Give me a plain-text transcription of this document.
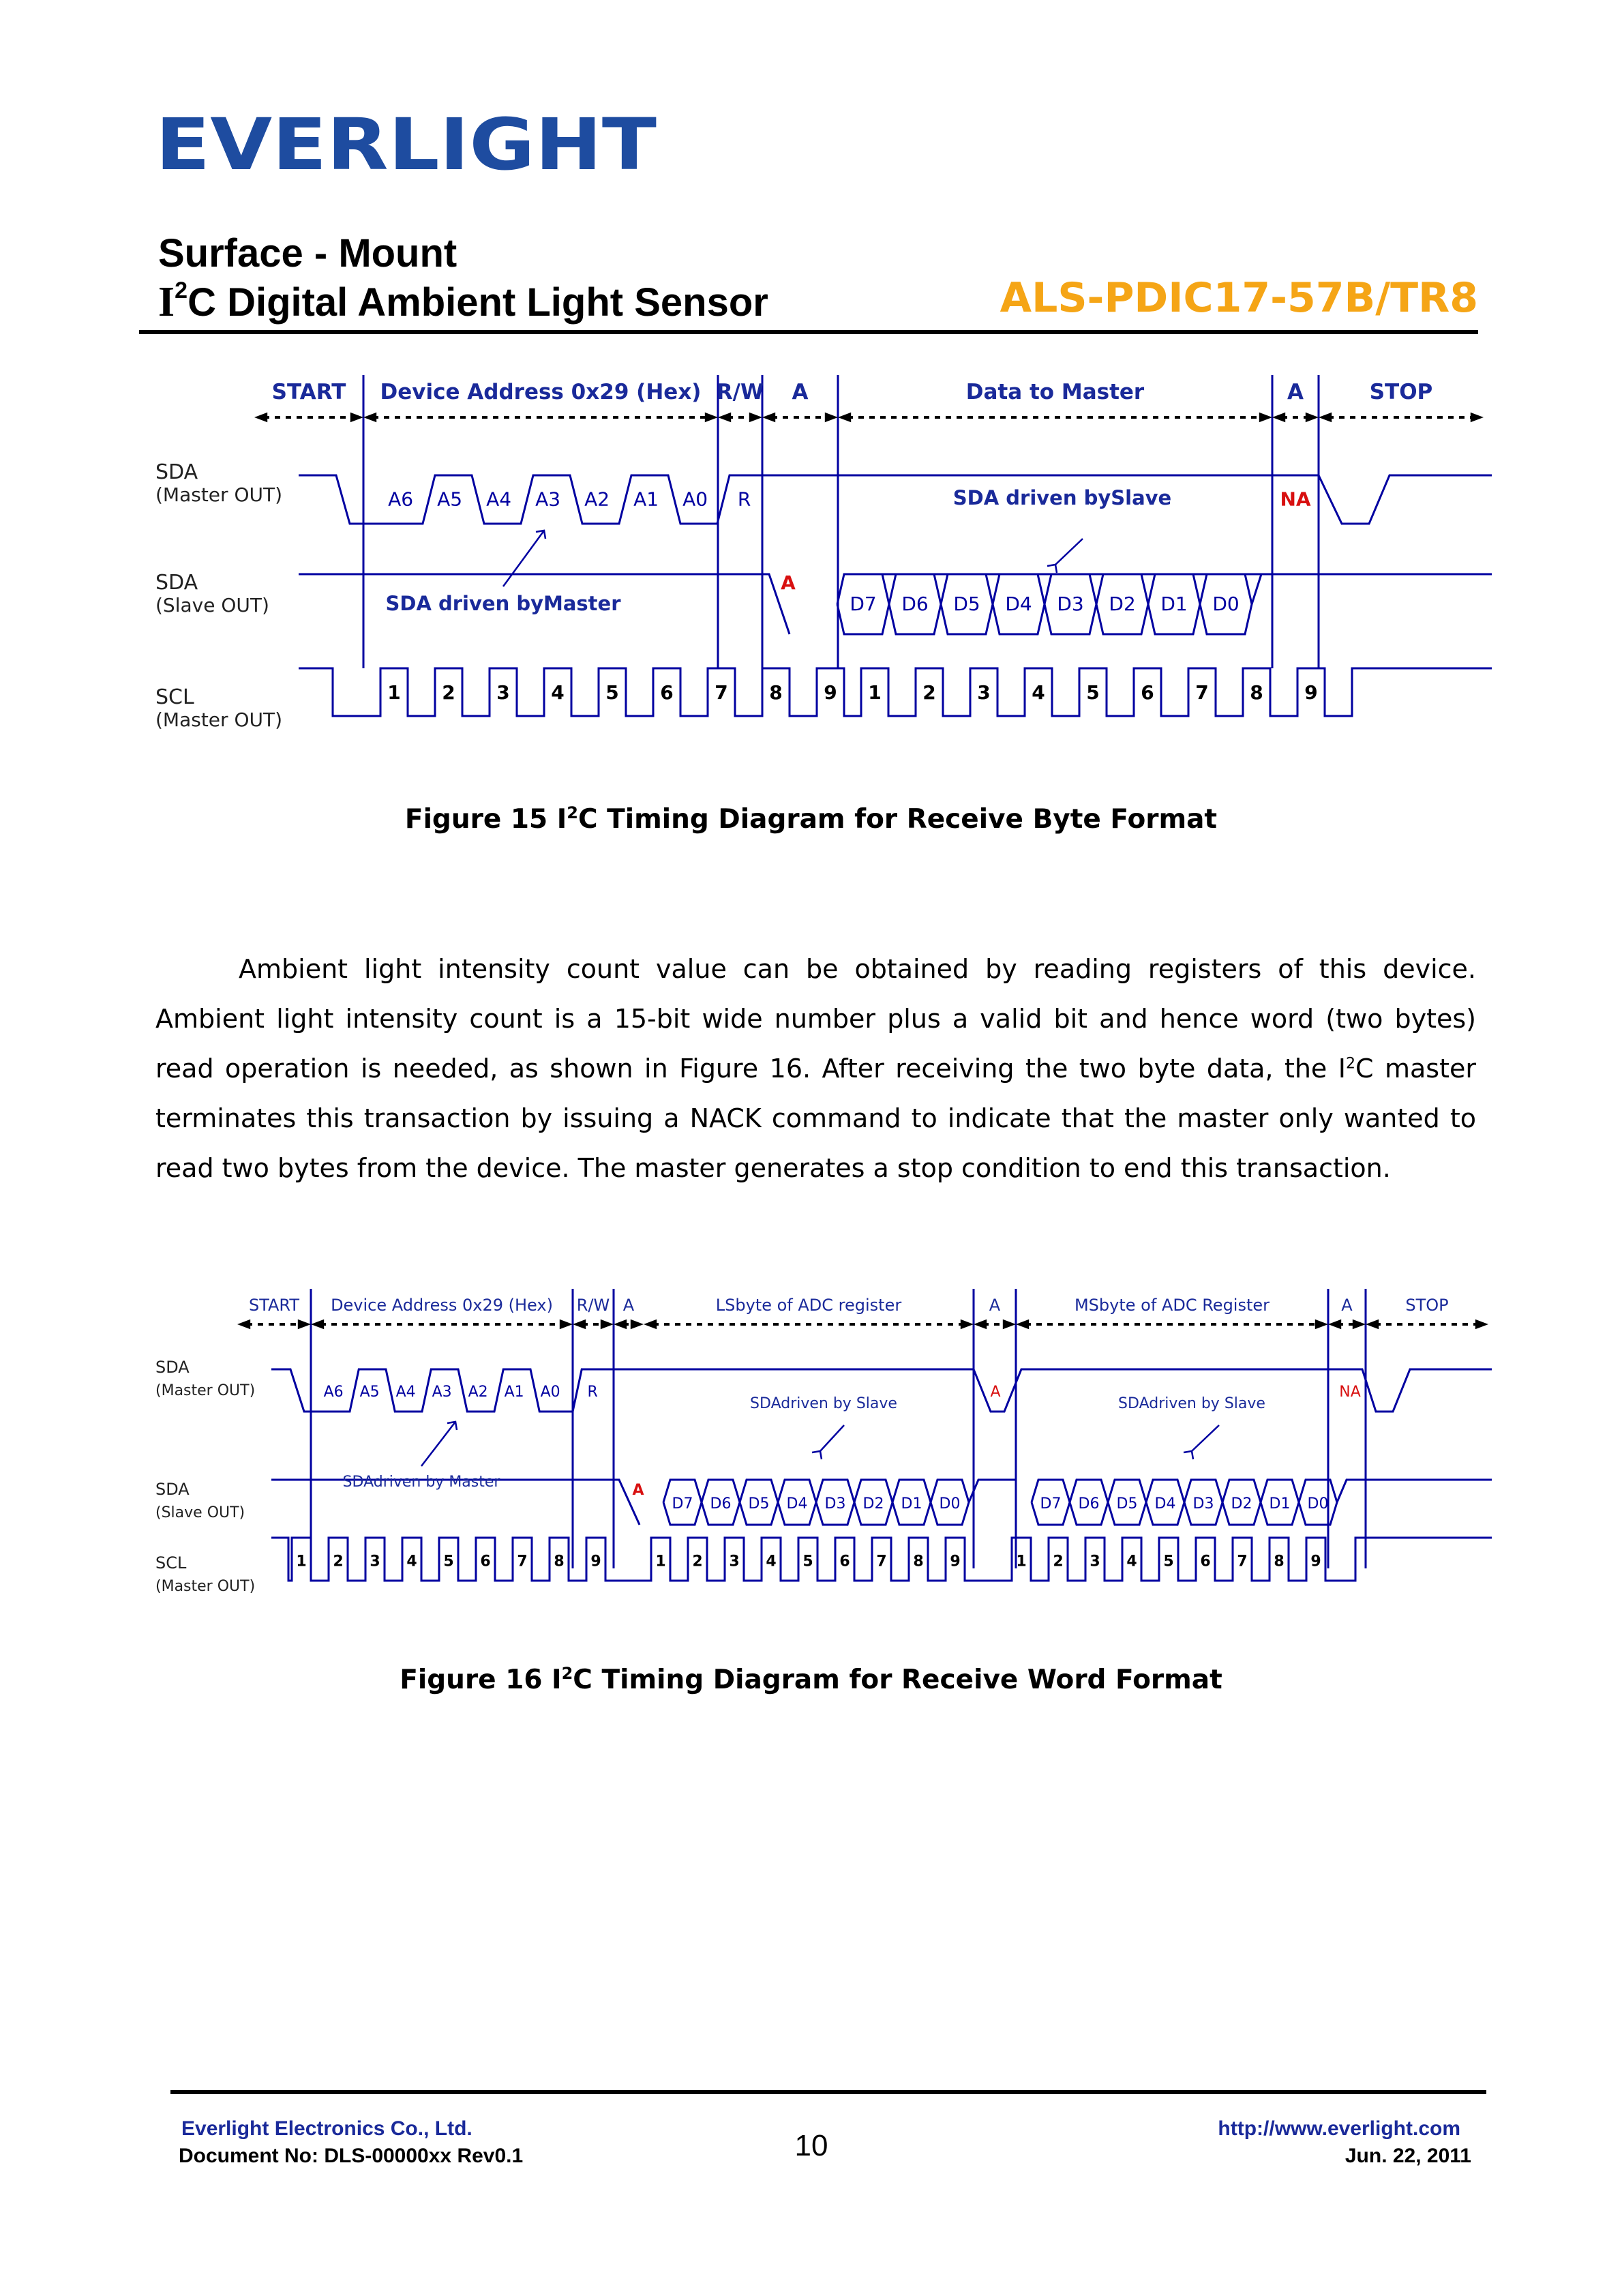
EVERLIGHT
Surface - Mount
$I^2C$ Digital Ambient Light Sensor	ALS-PDIC17-57B/TR8
SDA
(Master OUT)
SDA
(Slave OUT)
SCL
(Master OUT)
START Device Address 0x29 (Hex) R/W A	Data to Master	A	STOP
A6 A5 A4 A3 A2 A1 A0 R	NA
A
D7 D6 D5 D4 D3 D2 D1 D0
1 2 3 4 5 6 7 8 9 1 2 3 4 5 6 7 8 9
SDA driven bySlave
SDA driven byMaster
Figure 15 $I^2C$ Timing Diagram for Receive Byte Format
Ambient light intensity count value can be obtained by reading registers of this device. Ambient light intensity count is a 15-bit wide number plus a valid bit and hence word (two bytes) read operation is needed, as shown in Figure 16. After receiving the two byte data, the $I^2C$ master terminates this transaction by issuing a NACK command to indicate that the master only wanted to read two bytes from the device. The master generates a stop condition to end this transaction.
SDA
(Master OUT)
SDA
(Slave OUT)
SCL
(Master OUT)
START Device Address 0x29 (Hex) R/W A	LSbyte of ADC register	A	MSbyte of ADC Register	A	STOP
A6 A5 A4 A3 A2 A1 A0 R	A	NA
A
D7 D6 D5 D4 D3 D2 D1 D0	D7 D6 D5 D4 D3 D2 D1 D0
1 2 3 4 5 6 7 8 9	1 2 3 4 5 6 7 8 9	1 2 3 4 5 6 7 8 9
SDAdriven by Slave	SDAdriven by Slave
SDAdriven by Master
Figure 16 $I^2C$ Timing Diagram for Receive Word Format
Everlight Electronics Co., Ltd.
Document No: DLS-00000xx Rev0.1	10
http://www.everlight.com
Jun. 22, 2011
